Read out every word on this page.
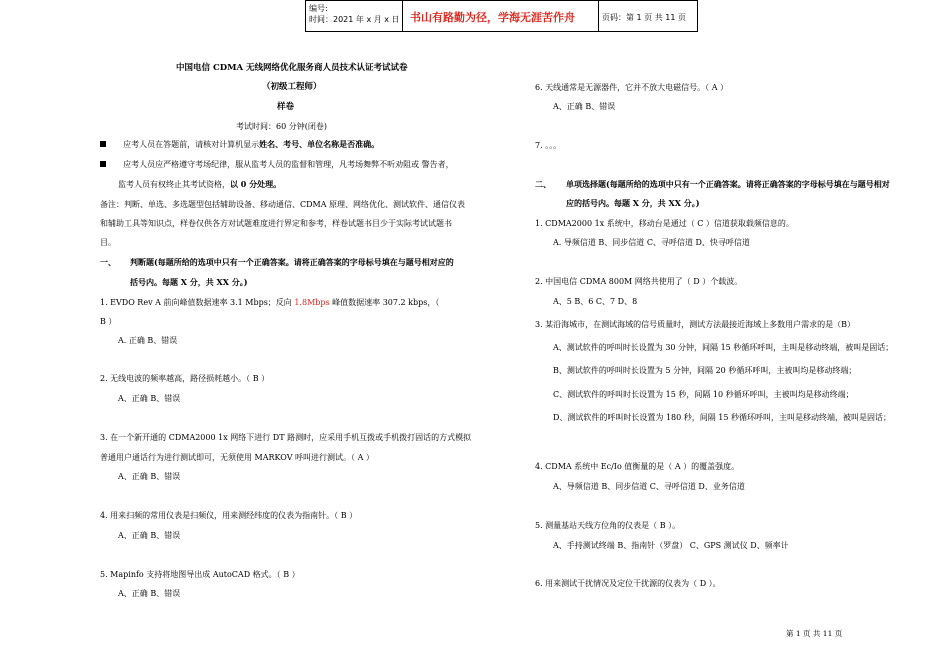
编号:
时间：2021 年 x 月 x 日 书山有路勤为径，学海无涯苦作舟	页码：第 1 页 共 11 页
中国电信 CDMA 无线网络优化服务商人员技术认证考试试卷
（初级工程师）
样卷
考试时间：60 分钟(闭卷)
应考人员在答题前，请核对计算机显示姓名、考号、单位名称是否准确。
应考人员应严格遵守考场纪律，服从监考人员的监督和管理，凡考场舞弊不听劝阻或 警告者，
监考人员有权终止其考试资格，以 0 分处理。
备注：判断、单选、多选题型包括辅助设备、移动通信、CDMA 原理、网络优化、测试软件、通信仪表
和辅助工具等知识点，样卷仅供各方对试题难度进行界定和参考，样卷试题书目少于实际考试试题书
目。
一、 判断题(每题所给的选项中只有一个正确答案。请将正确答案的字母标号填在与题号相对应的
括号内。每题 X 分，共 XX 分。)
1. EVDO Rev A 前向峰值数据速率 3.1 Mbps；反向 1.8Mbps 峰值数据速率 307.2 kbps，（
B ）
A. 正确 B、错误
2. 无线电波的频率越高，路径损耗越小。（ B ）
A、正确 B、错误
3. 在一个新开通的 CDMA2000 1x 网络下进行 DT 路测时，应采用手机互拨或手机拨打固话的方式模拟
普通用户通话行为进行测试即可，无须使用 MARKOV 呼叫进行测试。（ A ）
A、正确 B、错误
4. 用来扫频的常用仪表是扫频仪，用来测经纬度的仪表为指南针。（ B ）
A、正确 B、错误
5. Mapinfo 支持将地图导出成 AutoCAD 格式。（ B ）
A、正确 B、错误
6. 天线通常是无源器件，它并不放大电磁信号。（ A ）
A、正确 B、错误
7. 。。。
二、 单项选择题(每题所给的选项中只有一个正确答案。请将正确答案的字母标号填在与题号相对
应的括号内。每题 X 分，共 XX 分。)
1. CDMA2000 1x 系统中，移动台是通过（ C ）信道获取载频信息的。
A. 导频信道 B、同步信道 C、寻呼信道 D、快寻呼信道
2. 中国电信 CDMA 800M 网络共使用了（ D ）个载波。
A、5 B、6 C、7 D、8
3. 某沿海城市，在测试海域的信号质量时，测试方法最接近海域上多数用户需求的是（B）
A、测试软件的呼叫时长设置为 30 分钟，间隔 15 秒循环呼叫，主叫是移动终端，被叫是固话；
B、测试软件的呼叫时长设置为 5 分钟，间隔 20 秒循环呼叫，主被叫均是移动终端；
C、测试软件的呼叫时长设置为 15 秒，间隔 10 秒循环呼叫，主被叫均是移动终端；
D、测试软件的呼叫时长设置为 180 秒，间隔 15 秒循环呼叫，主叫是移动终端，被叫是固话；
4. CDMA 系统中 Ec/Io 值衡量的是（ A ）的覆盖强度。
A、导频信道 B、同步信道 C、寻呼信道 D、业务信道
5. 测量基站天线方位角的仪表是（ B ）。
A、手持测试终端 B、指南针（罗盘） C、GPS 测试仪 D、频率计
6. 用来测试干扰情况及定位干扰源的仪表为（ D ）。
第 1 页 共 11 页
